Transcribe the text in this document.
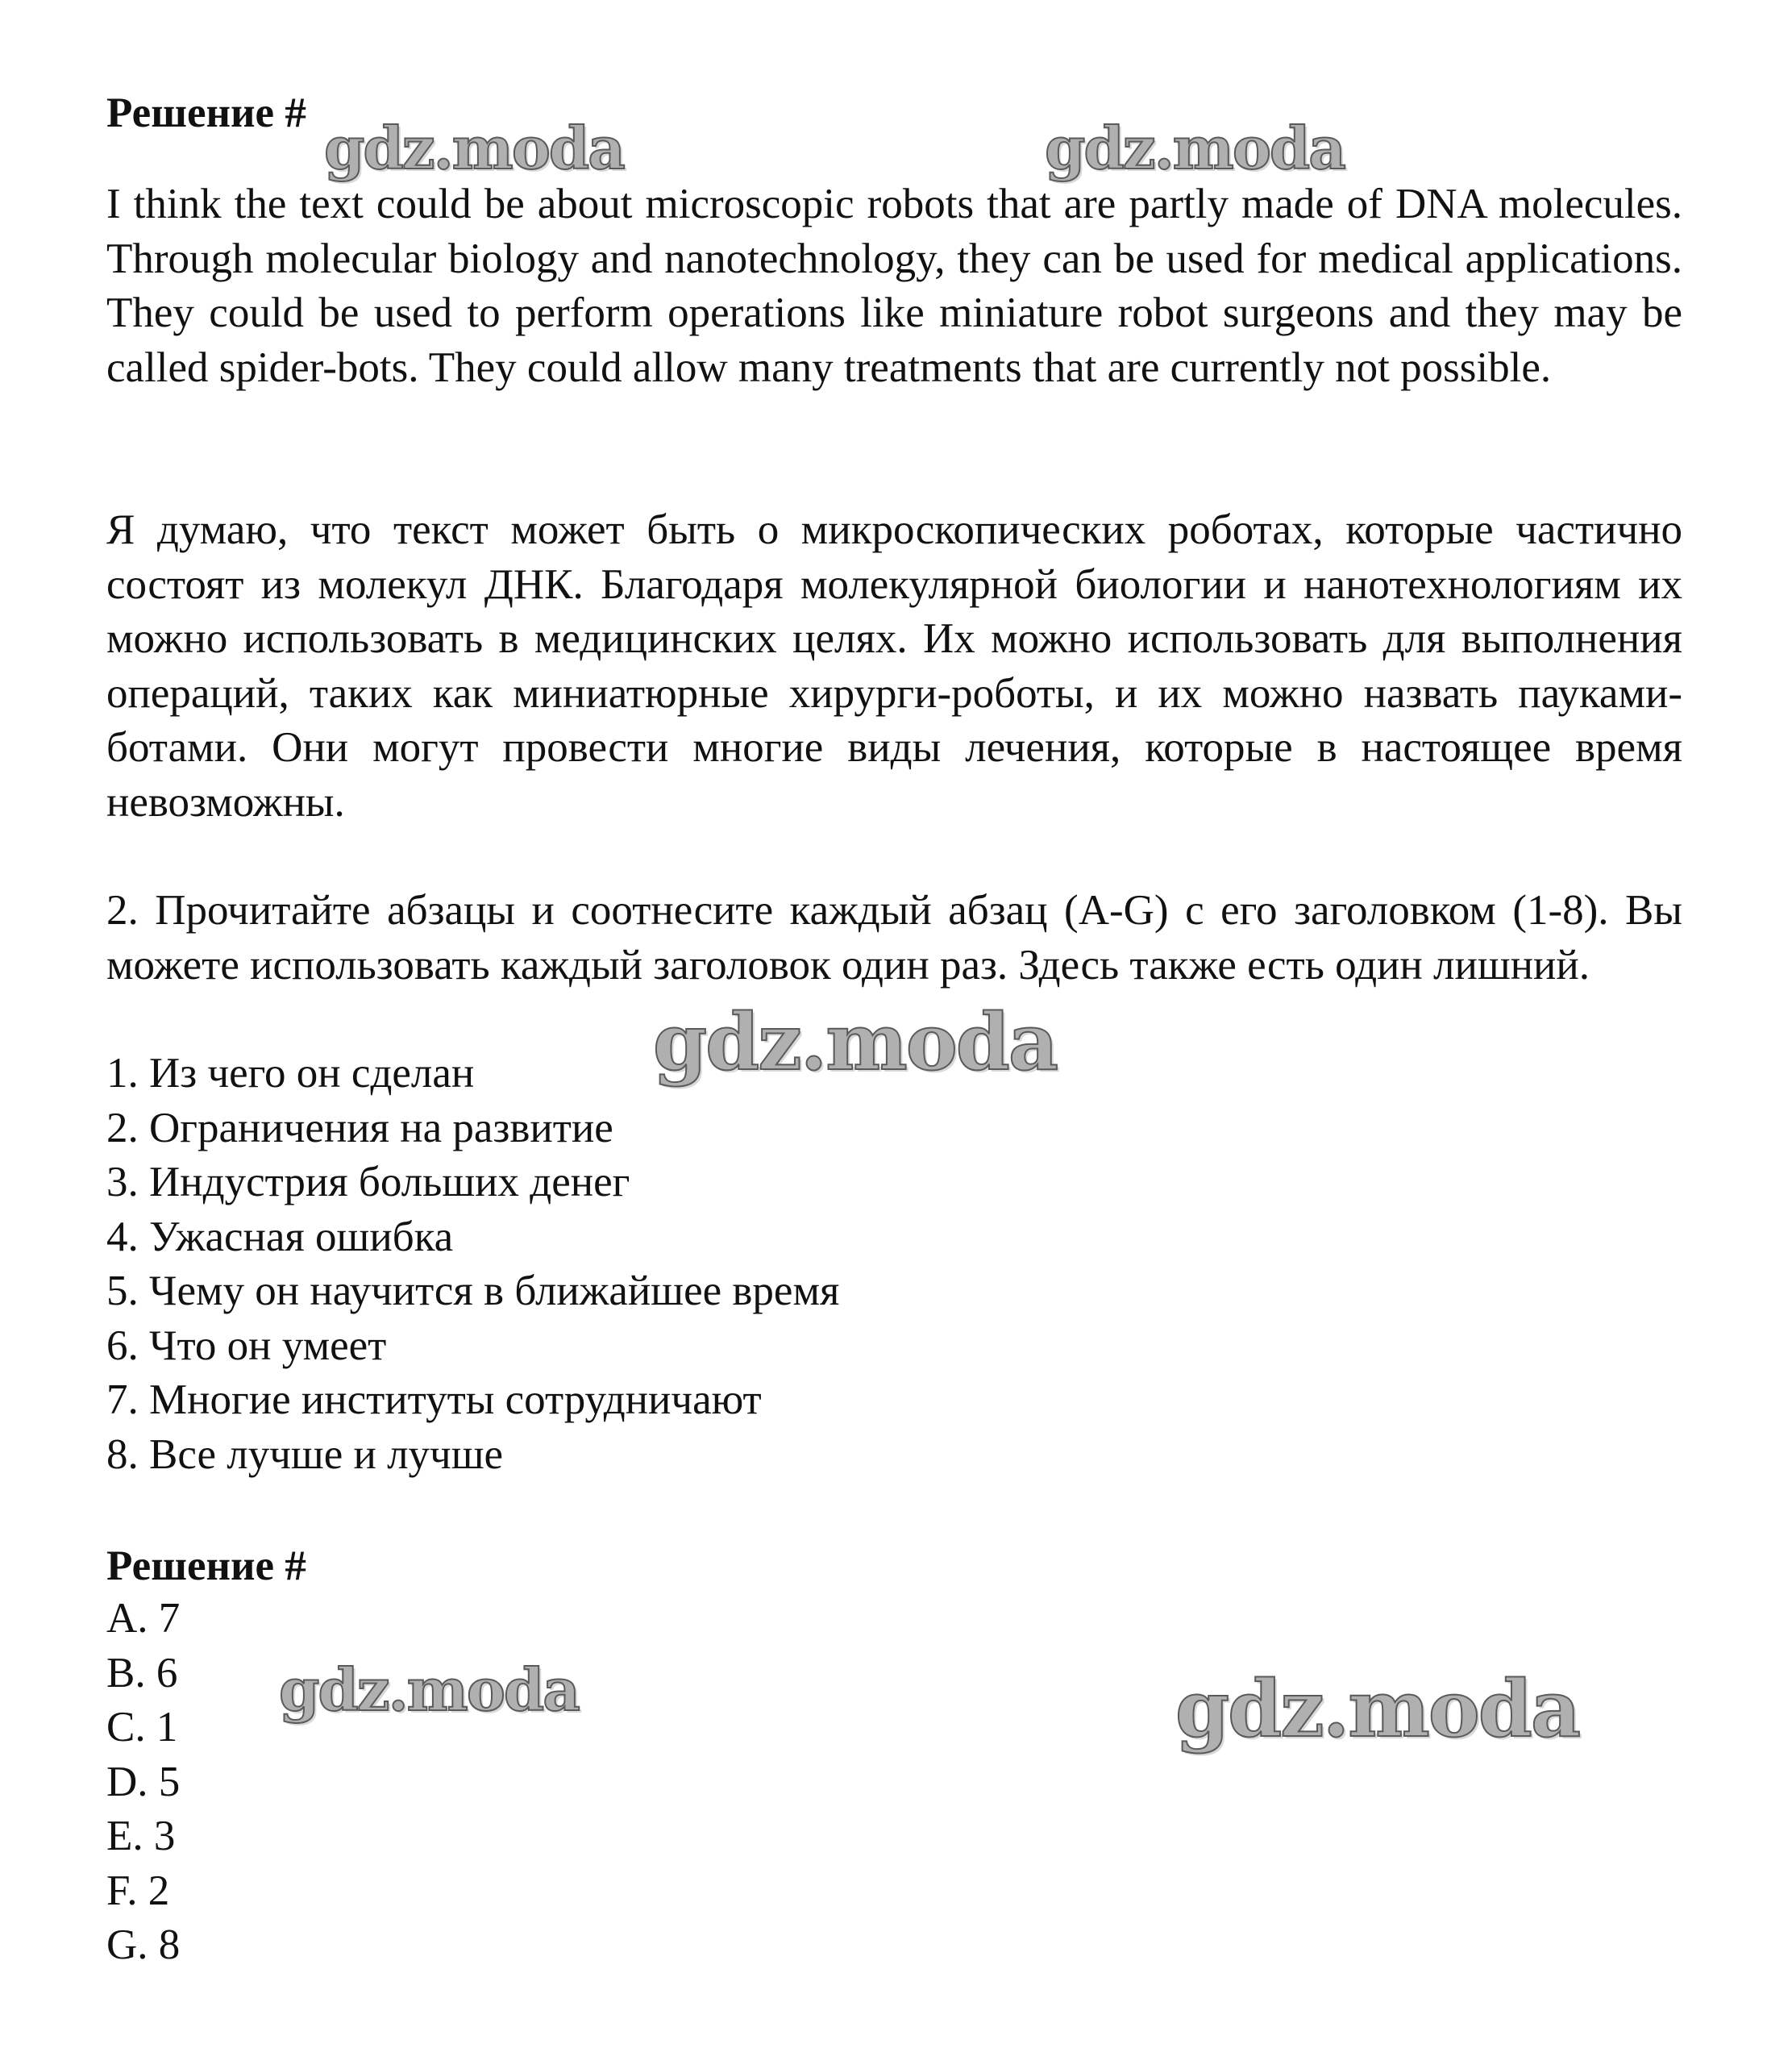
Решение #
I think the text could be about microscopic robots that are partly made of DNA molecules. Through molecular biology and nanotechnology, they can be used for medical applications. They could be used to perform operations like miniature robot surgeons and they may be called spider-bots. They could allow many treatments that are currently not possible.
Я думаю, что текст может быть о микроскопических роботах, которые частично состоят из молекул ДНК. Благодаря молекулярной биологии и нанотехнологиям их можно использовать в медицинских целях. Их можно использовать для выполнения операций, таких как миниатюрные хирурги-роботы, и их можно назвать пауками-ботами. Они могут провести многие виды лечения, которые в настоящее время невозможны.
2. Прочитайте абзацы и соотнесите каждый абзац (A-G) с его заголовком (1-8). Вы можете использовать каждый заголовок один раз. Здесь также есть один лишний.
1. Из чего он сделан
2. Ограничения на развитие
3. Индустрия больших денег
4. Ужасная ошибка
5. Чему он научится в ближайшее время
6. Что он умеет
7. Многие институты сотрудничают
8. Все лучше и лучше
Решение #
A. 7
B. 6
C. 1
D. 5
E. 3
F. 2
G. 8
gdz.moda	gdz.moda
gdz.moda
gdz.moda	gdz.moda
